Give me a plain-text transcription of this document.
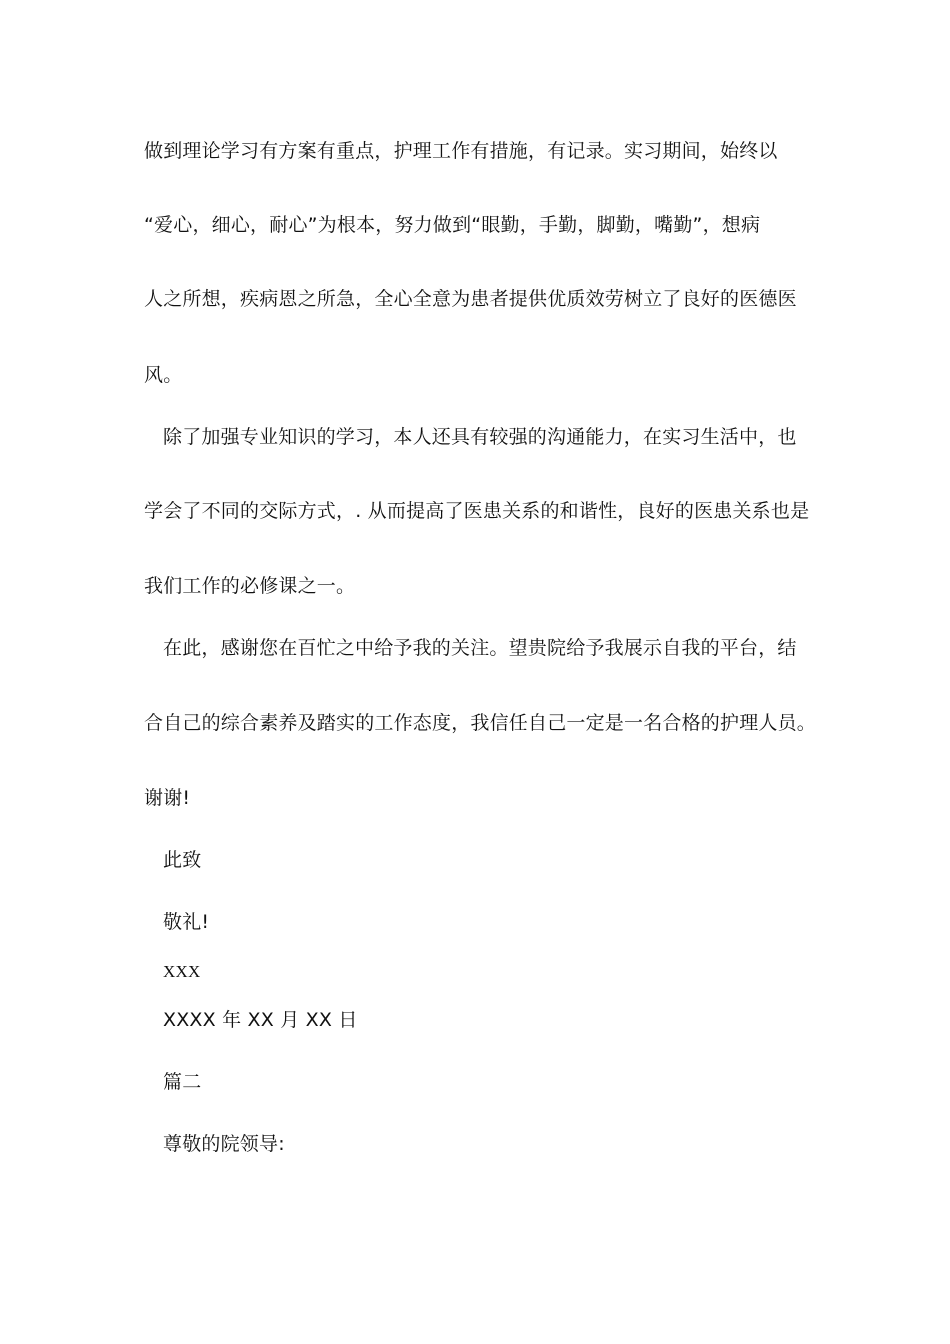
做到理论学习有方案有重点，护理工作有措施，有记录。实习期间，始终以
“爱心，细心，耐心”为根本，努力做到“眼勤，手勤，脚勤，嘴勤”，想病
人之所想，疾病恩之所急，全心全意为患者提供优质效劳树立了良好的医德医
风。
除了加强专业知识的学习，本人还具有较强的沟通能力，在实习生活中，也
学会了不同的交际方式，. 从而提高了医患关系的和谐性，良好的医患关系也是
我们工作的必修课之一。
在此，感谢您在百忙之中给予我的关注。望贵院给予我展示自我的平台，结
合自己的综合素养及踏实的工作态度，我信任自己一定是一名合格的护理人员。
谢谢!
此致
敬礼!
XXX
XXXX 年 XX 月 XX 日
篇二
尊敬的院领导:
